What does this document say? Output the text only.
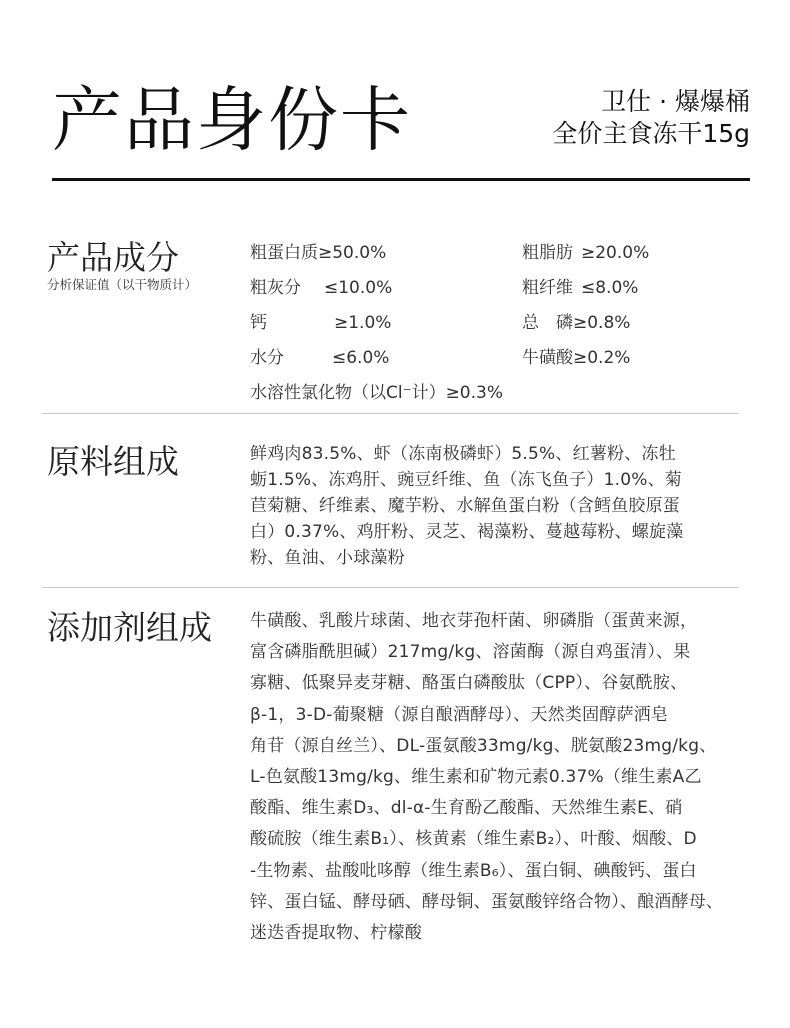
产品身份卡	卫仕 · 爆爆桶
全价主食冻干15g
产品成分
分析保证值（以干物质计）
粗蛋白质≥50.0%	粗脂肪 ≥20.0%
粗灰分 ≤10.0%	粗纤维 ≤8.0%
钙	≥1.0%	总　磷≥0.8%
水分	≤6.0%	牛磺酸≥0.2%
水溶性氯化物（以Cl⁻计）≥0.3%
原料组成	鲜鸡肉83.5%、虾（冻南极磷虾）5.5%、红薯粉、冻牡
蛎1.5%、冻鸡肝、豌豆纤维、鱼（冻飞鱼子）1.0%、菊
苣菊糖、纤维素、魔芋粉、水解鱼蛋白粉（含鳕鱼胶原蛋
白）0.37%、鸡肝粉、灵芝、褐藻粉、蔓越莓粉、螺旋藻
粉、鱼油、小球藻粉
添加剂组成 牛磺酸、乳酸片球菌、地衣芽孢杆菌、卵磷脂（蛋黄来源，
富含磷脂酰胆碱）217mg/kg、溶菌酶（源自鸡蛋清）、果
寡糖、低聚异麦芽糖、酪蛋白磷酸肽（CPP）、谷氨酰胺、
β-1，3-D-葡聚糖（源自酿酒酵母）、天然类固醇萨洒皂
角苷（源自丝兰）、DL-蛋氨酸33mg/kg、胱氨酸23mg/kg、
L-色氨酸13mg/kg、维生素和矿物元素0.37%（维生素A乙
酸酯、维生素D₃、dl-α-生育酚乙酸酯、天然维生素E、硝
酸硫胺（维生素B₁）、核黄素（维生素B₂）、叶酸、烟酸、D
-生物素、盐酸吡哆醇（维生素B₆）、蛋白铜、碘酸钙、蛋白
锌、蛋白锰、酵母硒、酵母铜、蛋氨酸锌络合物）、酿酒酵母、
迷迭香提取物、柠檬酸
